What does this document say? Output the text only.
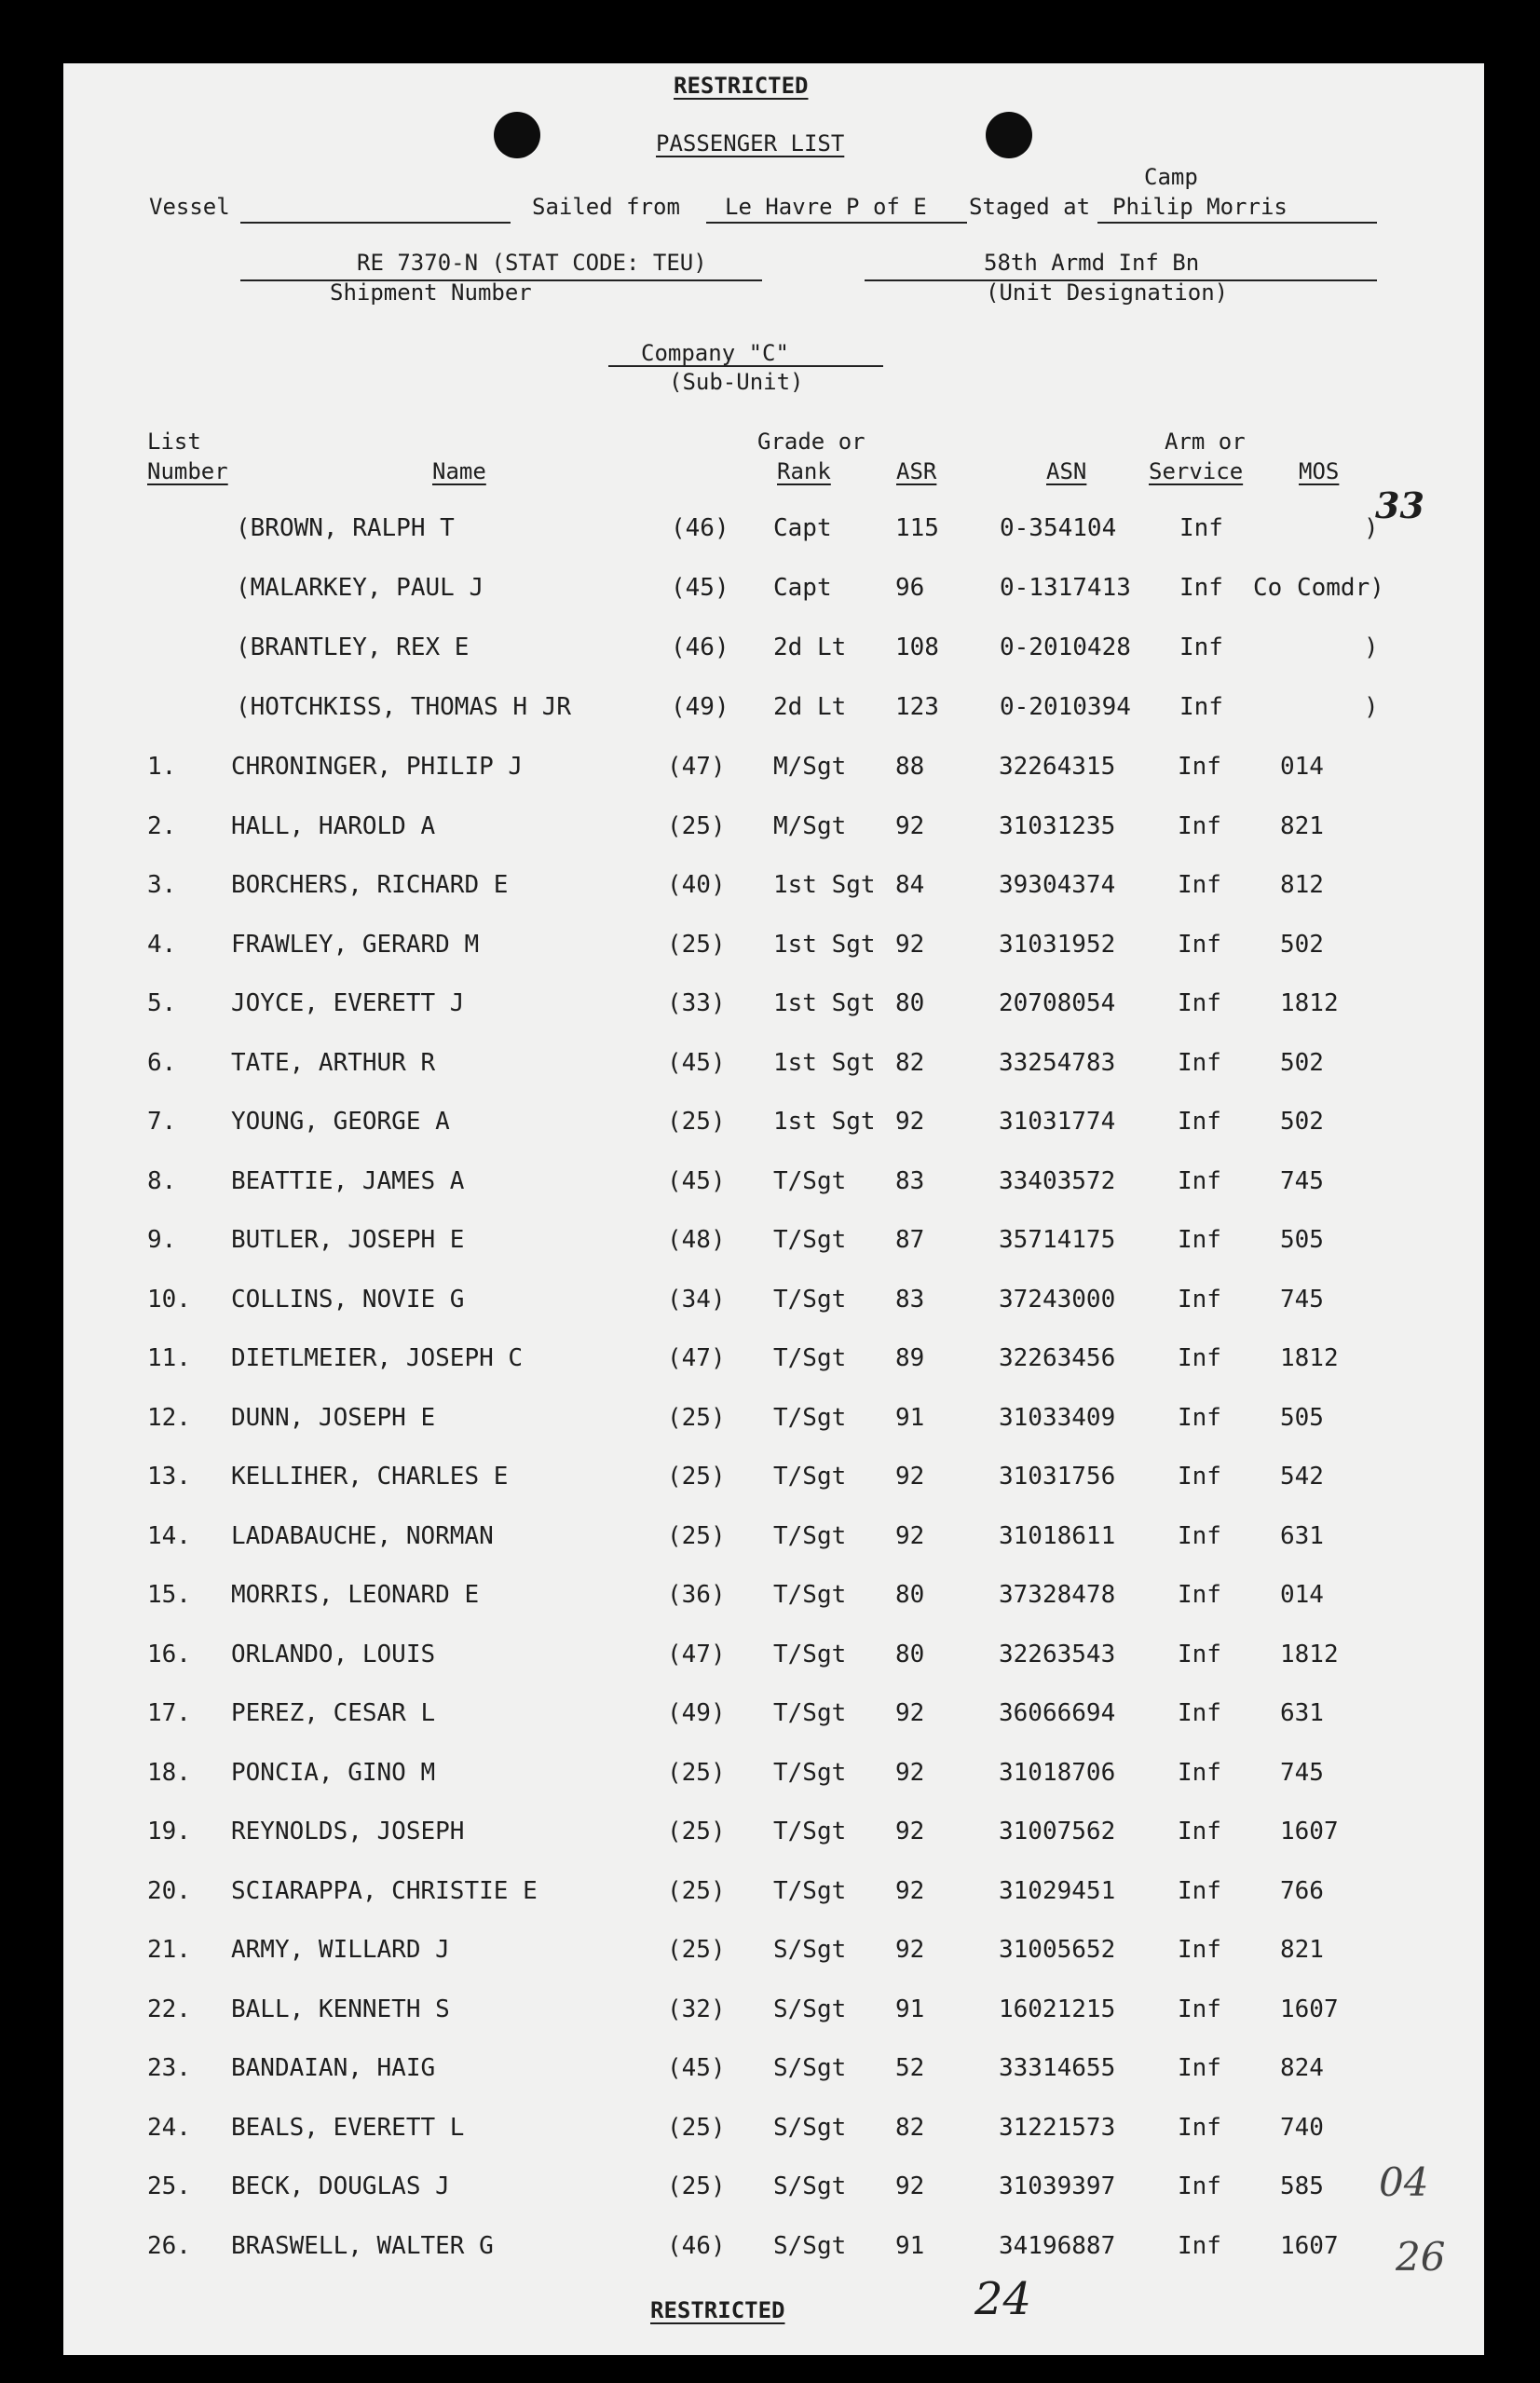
RESTRICTED
PASSENGER LIST
Camp
Vessel	Sailed from Le Havre P of E Staged at Philip Morris
RE 7370-N (STAT CODE: TEU)
Shipment Number
58th Armd Inf Bn
(Unit Designation)
Company "C"
(Sub-Unit)
List
Number	Name
Grade or
Rank	ASR	ASN
Arm or
Service MOS
33
(BROWN, RALPH T	(46) Capt	115	0-354104	Inf	)
(MALARKEY, PAUL J	(45) Capt	96	0-1317413 Inf Co Comdr)
(BRANTLEY, REX E	(46) 2d Lt 108	0-2010428 Inf	)
(HOTCHKISS, THOMAS H JR	(49) 2d Lt 123	0-2010394 Inf	)
1. CHRONINGER, PHILIP J	(47) M/Sgt 88	32264315	Inf 014
2. HALL, HAROLD A	(25) M/Sgt 92	31031235	Inf 821
3. BORCHERS, RICHARD E	(40) 1st Sgt 84	39304374	Inf 812
4. FRAWLEY, GERARD M	(25) 1st Sgt 92	31031952	Inf 502
5. JOYCE, EVERETT J	(33) 1st Sgt 80	20708054	Inf 1812
6. TATE, ARTHUR R	(45) 1st Sgt 82	33254783	Inf 502
7. YOUNG, GEORGE A	(25) 1st Sgt 92	31031774	Inf 502
8. BEATTIE, JAMES A	(45) T/Sgt 83	33403572	Inf 745
9. BUTLER, JOSEPH E	(48) T/Sgt 87	35714175	Inf 505
10. COLLINS, NOVIE G	(34) T/Sgt 83	37243000	Inf 745
11. DIETLMEIER, JOSEPH C	(47) T/Sgt 89	32263456	Inf 1812
12. DUNN, JOSEPH E	(25) T/Sgt 91	31033409	Inf 505
13. KELLIHER, CHARLES E	(25) T/Sgt 92	31031756	Inf 542
14. LADABAUCHE, NORMAN	(25) T/Sgt 92	31018611	Inf 631
15. MORRIS, LEONARD E	(36) T/Sgt 80	37328478	Inf 014
16. ORLANDO, LOUIS	(47) T/Sgt 80	32263543	Inf 1812
17. PEREZ, CESAR L	(49) T/Sgt 92	36066694	Inf 631
18. PONCIA, GINO M	(25) T/Sgt 92	31018706	Inf 745
19. REYNOLDS, JOSEPH	(25) T/Sgt 92	31007562	Inf 1607
20. SCIARAPPA, CHRISTIE E	(25) T/Sgt 92	31029451	Inf 766
21. ARMY, WILLARD J	(25) S/Sgt 92	31005652	Inf 821
22. BALL, KENNETH S	(32) S/Sgt 91	16021215	Inf 1607
23. BANDAIAN, HAIG	(45) S/Sgt 52	33314655	Inf 824
24. BEALS, EVERETT L	(25) S/Sgt 82	31221573	Inf 740
25. BECK, DOUGLAS J	(25) S/Sgt 92	31039397	Inf 585
26. BRASWELL, WALTER G	(46) S/Sgt 91	34196887	Inf 1607
RESTRICTED	24
04
26
